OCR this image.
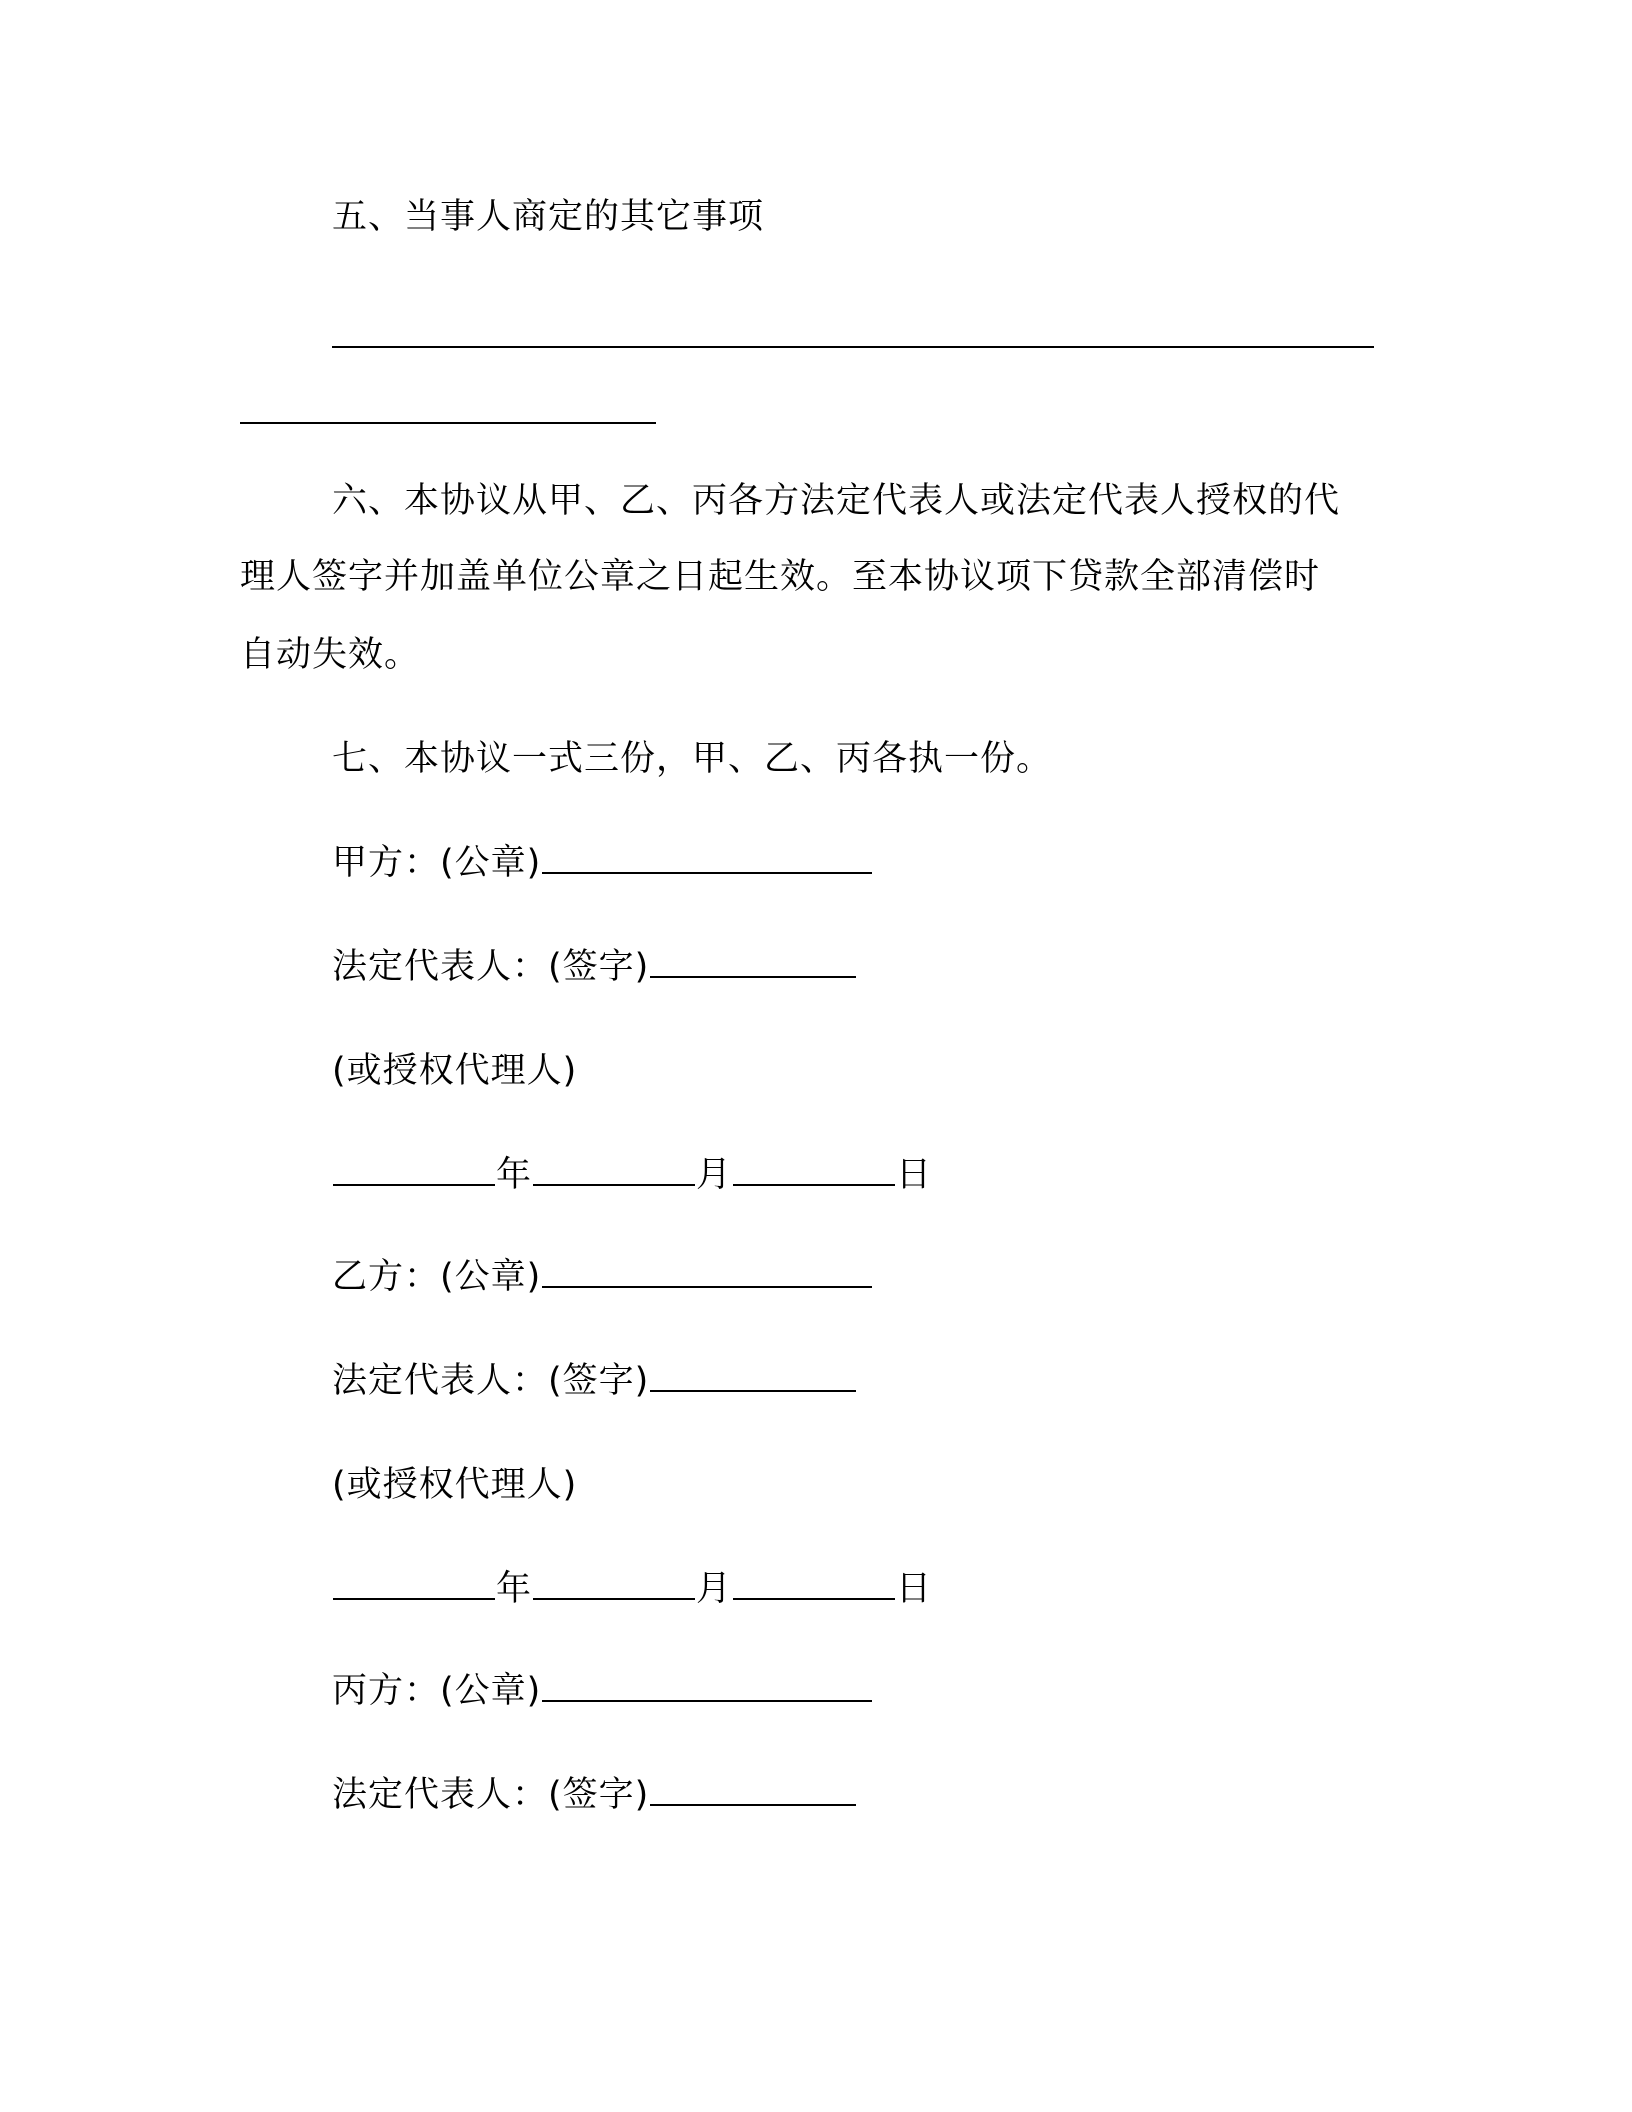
五、当事人商定的其它事项
六、本协议从甲、乙、丙各方法定代表人或法定代表人授权的代
理人签字并加盖单位公章之日起生效。至本协议项下贷款全部清偿时
自动失效。
七、本协议一式三份，甲、乙、丙各执一份。
甲方：(公章)
法定代表人：(签字)
(或授权代理人)
年	月	日
乙方：(公章)
法定代表人：(签字)
(或授权代理人)
年	月	日
丙方：(公章)
法定代表人：(签字)
